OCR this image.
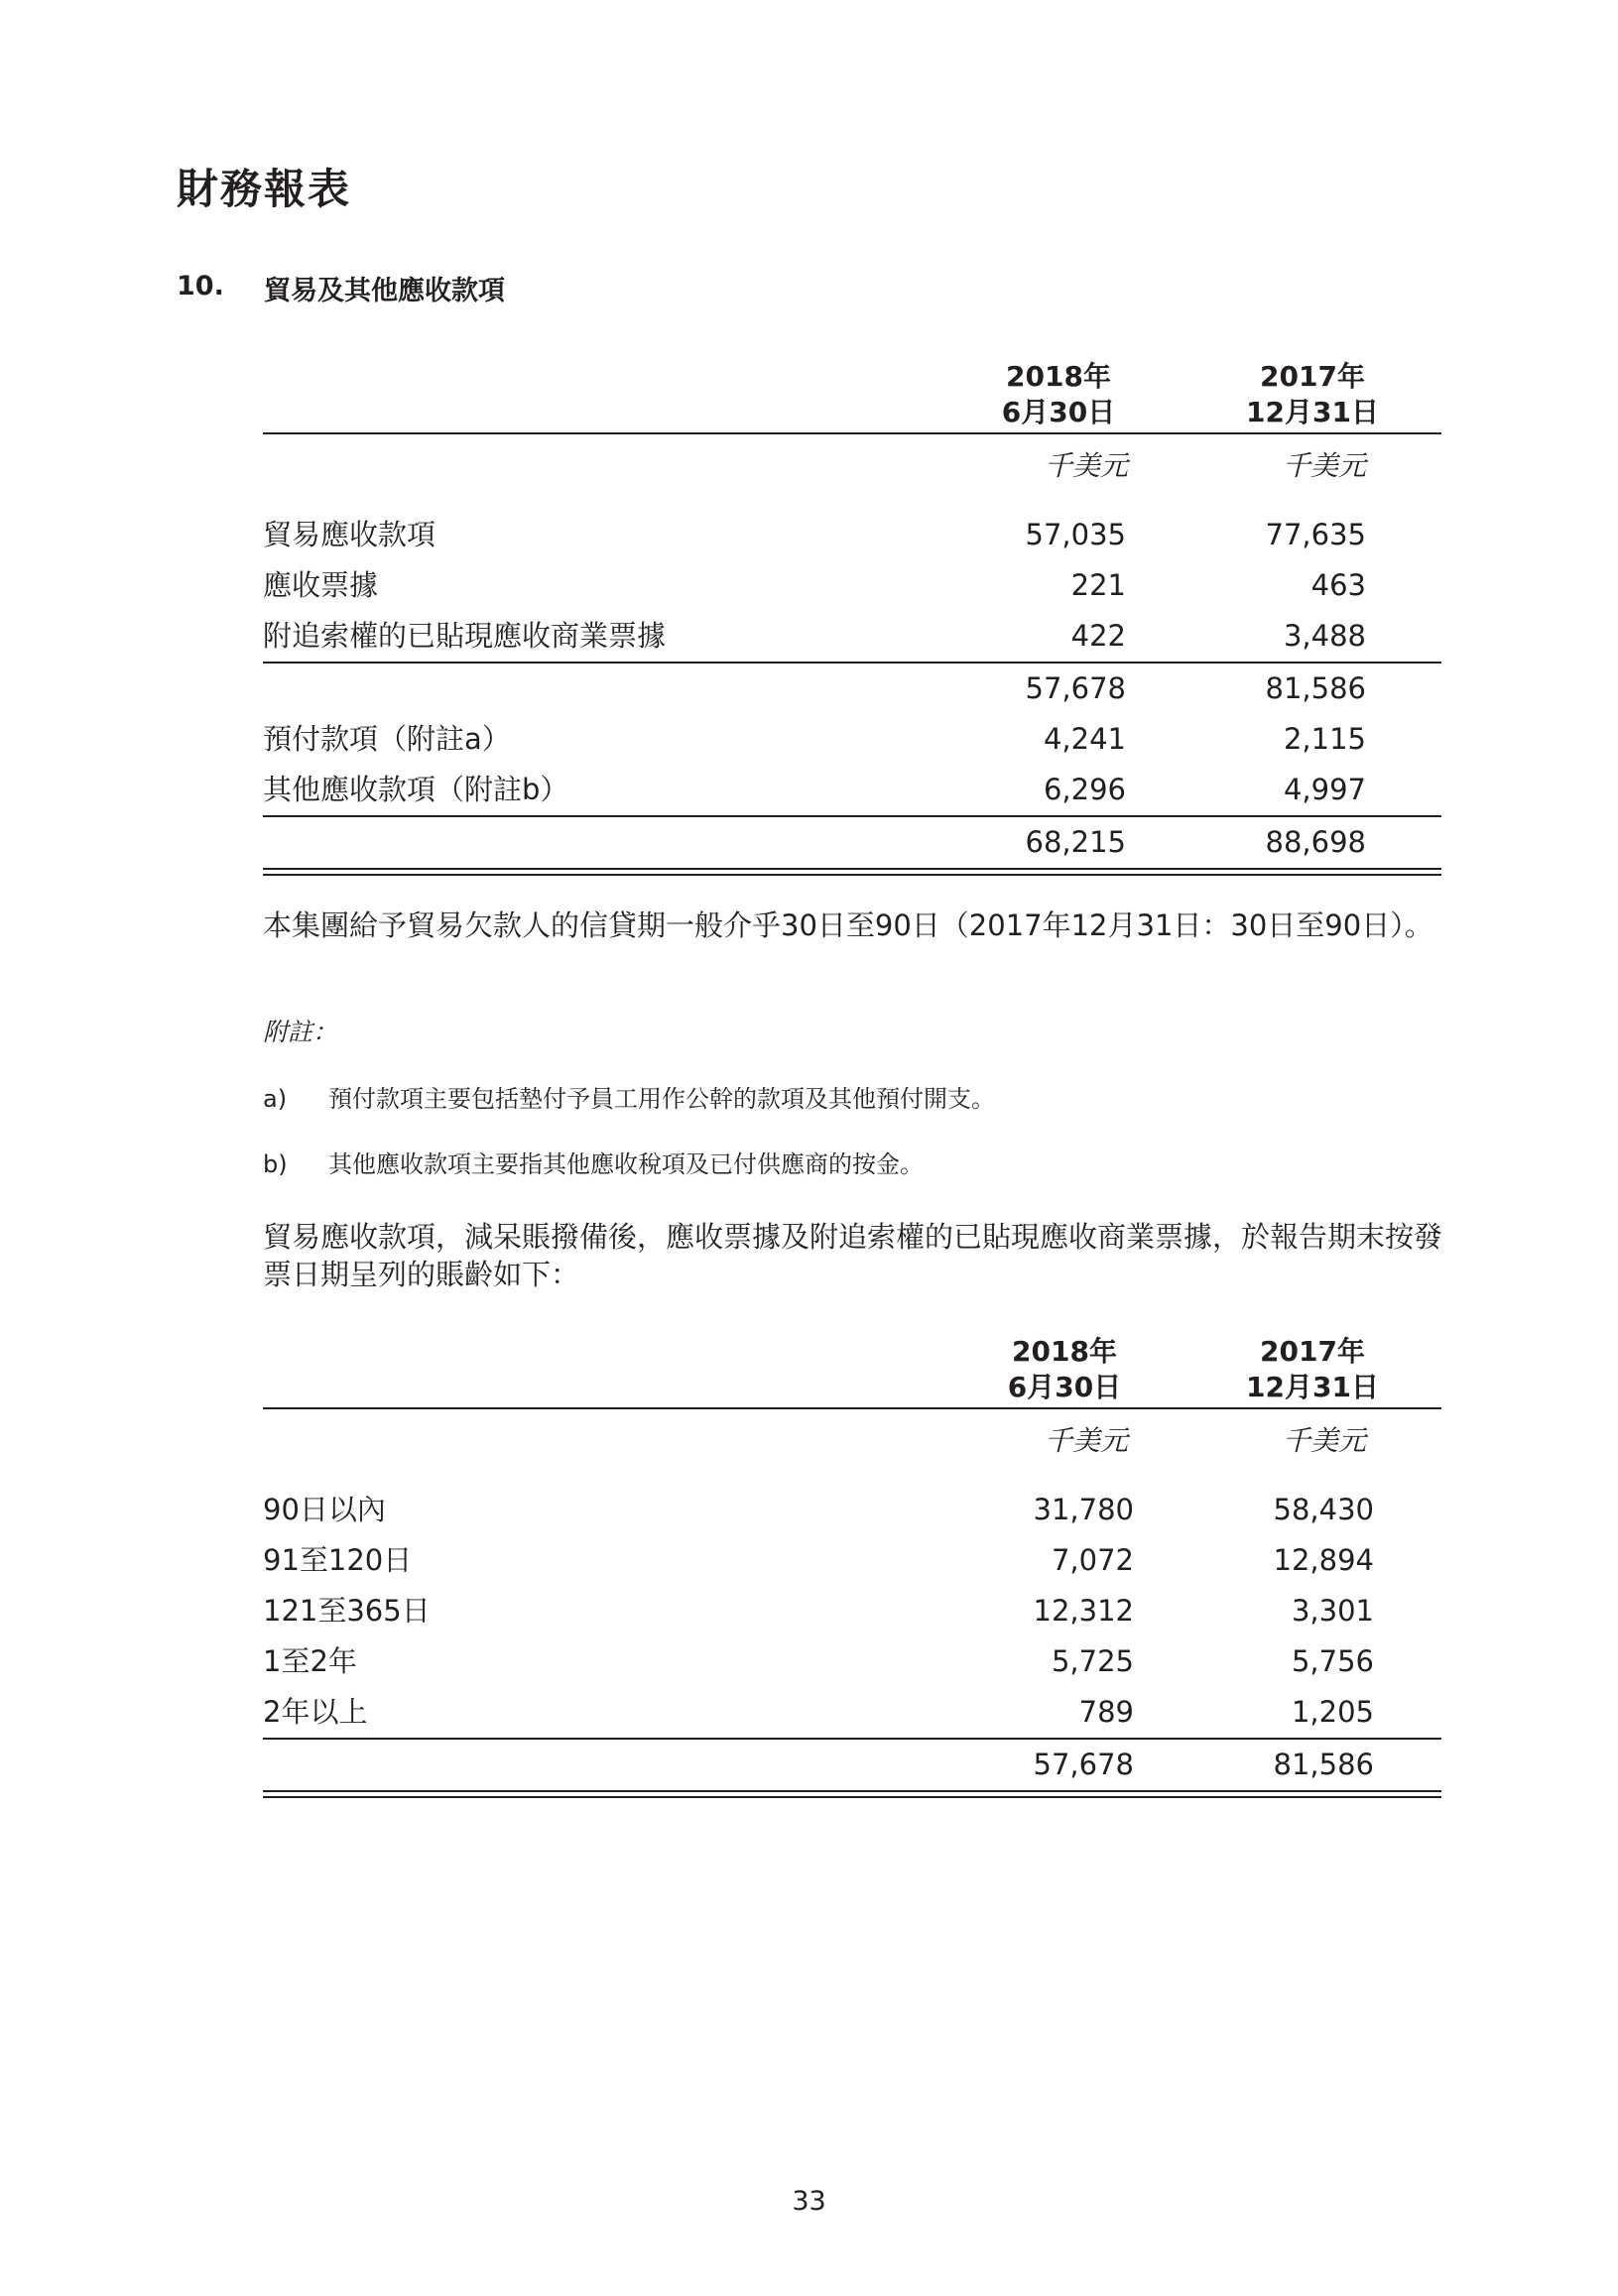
財務報表
10. 貿易及其他應收款項
2018年
6月30日
2017年
12月31日
千美元	千美元
貿易應收款項	57,035	77,635
應收票據	221	463
附追索權的已貼現應收商業票據	422	3,488
57,678	81,586
預付款項（附註a）	4,241	2,115
其他應收款項（附註b）	6,296	4,997
68,215	88,698
本集團給予貿易欠款人的信貸期一般介乎30日至90日（2017年12月31日：30日至90日）。
附註：
a) 預付款項主要包括墊付予員工用作公幹的款項及其他預付開支。
b) 其他應收款項主要指其他應收稅項及已付供應商的按金。
貿易應收款項，減呆賬撥備後，應收票據及附追索權的已貼現應收商業票據，於報告期末按發票日期呈列的賬齡如下：
2018年
6月30日
2017年
12月31日
千美元	千美元
90日以內	31,780	58,430
91至120日	7,072	12,894
121至365日	12,312	3,301
1至2年	5,725	5,756
2年以上	789	1,205
57,678	81,586
33
